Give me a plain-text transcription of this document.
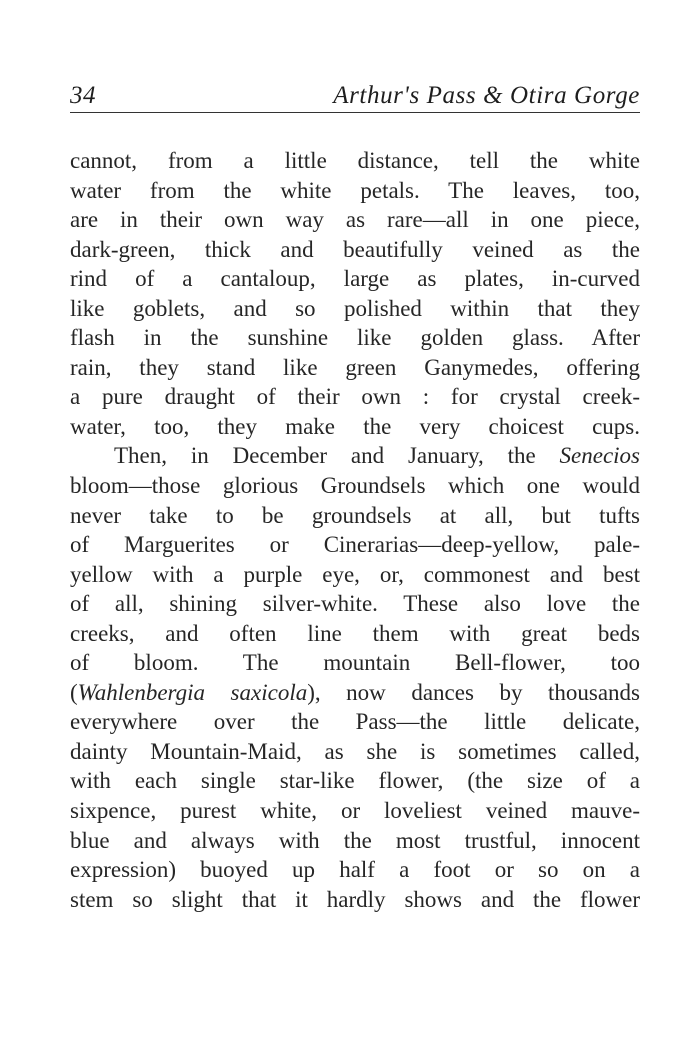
34	Arthur's Pass & Otira Gorge
cannot, from a little distance, tell the white
water from the white petals. The leaves, too,
are in their own way as rare—all in one piece,
dark-green, thick and beautifully veined as the
rind of a cantaloup, large as plates, in-curved
like goblets, and so polished within that they
flash in the sunshine like golden glass. After
rain, they stand like green Ganymedes, offering
a pure draught of their own : for crystal creek-
water, too, they make the very choicest cups.
Then, in December and January, the Senecios
bloom—those glorious Groundsels which one would
never take to be groundsels at all, but tufts
of Marguerites or Cinerarias—deep-yellow, pale-
yellow with a purple eye, or, commonest and best
of all, shining silver-white. These also love the
creeks, and often line them with great beds
of bloom. The mountain Bell-flower, too
(Wahlenbergia saxicola), now dances by thousands
everywhere over the Pass—the little delicate,
dainty Mountain-Maid, as she is sometimes called,
with each single star-like flower, (the size of a
sixpence, purest white, or loveliest veined mauve-
blue and always with the most trustful, innocent
expression) buoyed up half a foot or so on a
stem so slight that it hardly shows and the flower
